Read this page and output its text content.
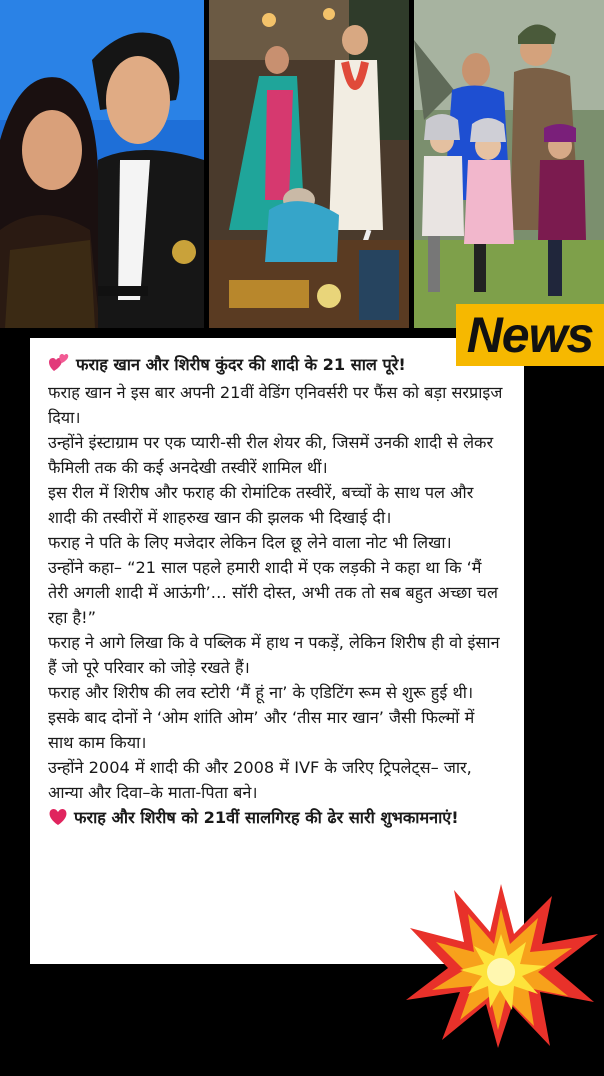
फराह खान और शिरीष कुंदर की शादी के 21 साल पूरे!

फराह खान ने इस बार अपनी 21वीं वेडिंग एनिवर्सरी पर फैंस को बड़ा सरप्राइज दिया।

उन्होंने इंस्टाग्राम पर एक प्यारी-सी रील शेयर की, जिसमें उनकी शादी से लेकर फैमिली तक की कई अनदेखी तस्वीरें शामिल थीं।

इस रील में शिरीष और फराह की रोमांटिक तस्वीरें, बच्चों के साथ पल और शादी की तस्वीरों में शाहरुख खान की झलक भी दिखाई दी।

फराह ने पति के लिए मजेदार लेकिन दिल छू लेने वाला नोट भी लिखा।

उन्होंने कहा– “21 साल पहले हमारी शादी में एक लड़की ने कहा था कि ‘मैं तेरी अगली शादी में आऊंगी’… सॉरी दोस्त, अभी तक तो सब बहुत अच्छा चल रहा है!”

फराह ने आगे लिखा कि वे पब्लिक में हाथ न पकड़ें, लेकिन शिरीष ही वो इंसान हैं जो पूरे परिवार को जोड़े रखते हैं।

फराह और शिरीष की लव स्टोरी ‘मैं हूं ना’ के एडिटिंग रूम से शुरू हुई थी।

इसके बाद दोनों ने ‘ओम शांति ओम’ और ‘तीस मार खान’ जैसी फिल्मों में साथ काम किया।

उन्होंने 2004 में शादी की और 2008 में IVF के जरिए ट्रिपलेट्स– जार, आन्या और दिवा–के माता-पिता बने।

फराह और शिरीष को 21वीं सालगिरह की ढेर सारी शुभकामनाएं!

News
